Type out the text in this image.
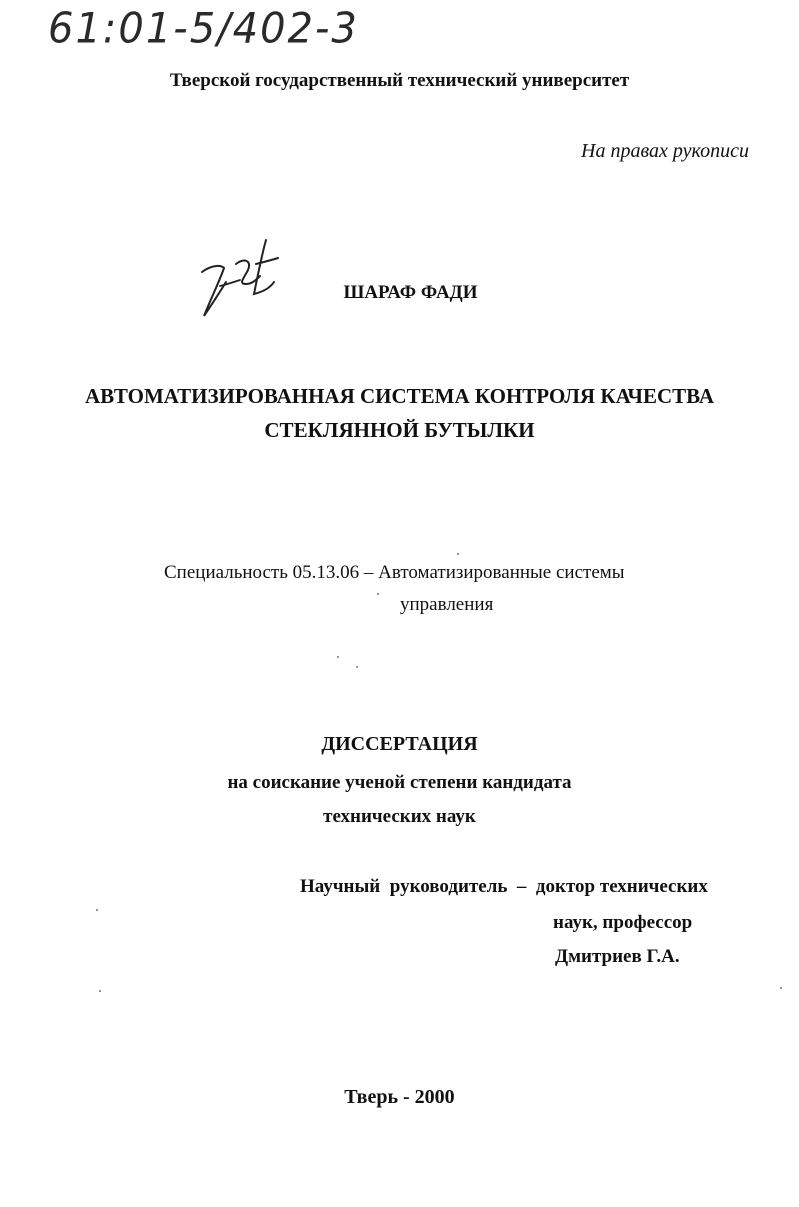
61:01-5/402-3
Тверской государственный технический университет
На правах рукописи
ШАРАФ ФАДИ
АВТОМАТИЗИРОВАННАЯ СИСТЕМА КОНТРОЛЯ КАЧЕСТВА
СТЕКЛЯННОЙ БУТЫЛКИ
Специальность 05.13.06 – Автоматизированные системы
управления
ДИССЕРТАЦИЯ
на соискание ученой степени кандидата
технических наук
Научный  руководитель  –  доктор технических
наук, профессор
Дмитриев Г.А.
Тверь - 2000
